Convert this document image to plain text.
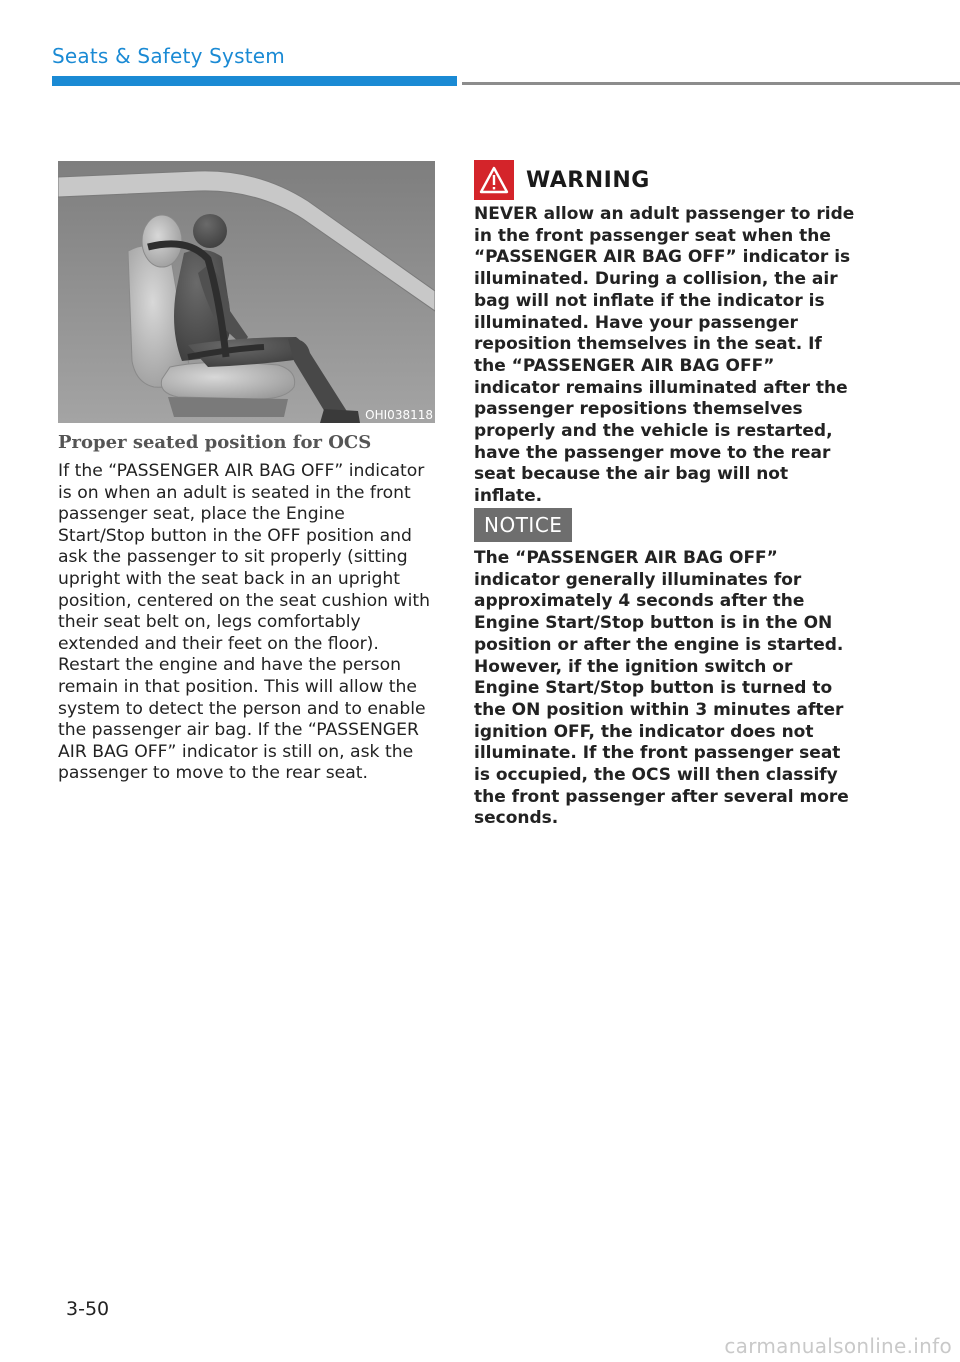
Seats & Safety System
OHI038118
Proper seated position for OCS

If the “PASSENGER AIR BAG OFF” indicator is on when an adult is seated in the front passenger seat, place the Engine Start/Stop button in the OFF position and ask the passenger to sit properly (sitting upright with the seat back in an upright position, centered on the seat cushion with their seat belt on, legs comfortably extended and their feet on the floor). Restart the engine and have the person remain in that position. This will allow the system to detect the person and to enable the passenger air bag. If the “PASSENGER AIR BAG OFF” indicator is still on, ask the passenger to move to the rear seat.

WARNING

NEVER allow an adult passenger to ride in the front passenger seat when the “PASSENGER AIR BAG OFF” indicator is illuminated. During a collision, the air bag will not inflate if the indicator is illuminated. Have your passenger reposition themselves in the seat. If the “PASSENGER AIR BAG OFF” indicator remains illuminated after the passenger repositions themselves properly and the vehicle is restarted, have the passenger move to the rear seat because the air bag will not inflate.

NOTICE

The “PASSENGER AIR BAG OFF” indicator generally illuminates for approximately 4 seconds after the Engine Start/Stop button is in the ON position or after the engine is started. However, if the ignition switch or Engine Start/Stop button is turned to the ON position within 3 minutes after ignition OFF, the indicator does not illuminate. If the front passenger seat is occupied, the OCS will then classify the front passenger after several more seconds.

3-50
carmanualsonline.info
